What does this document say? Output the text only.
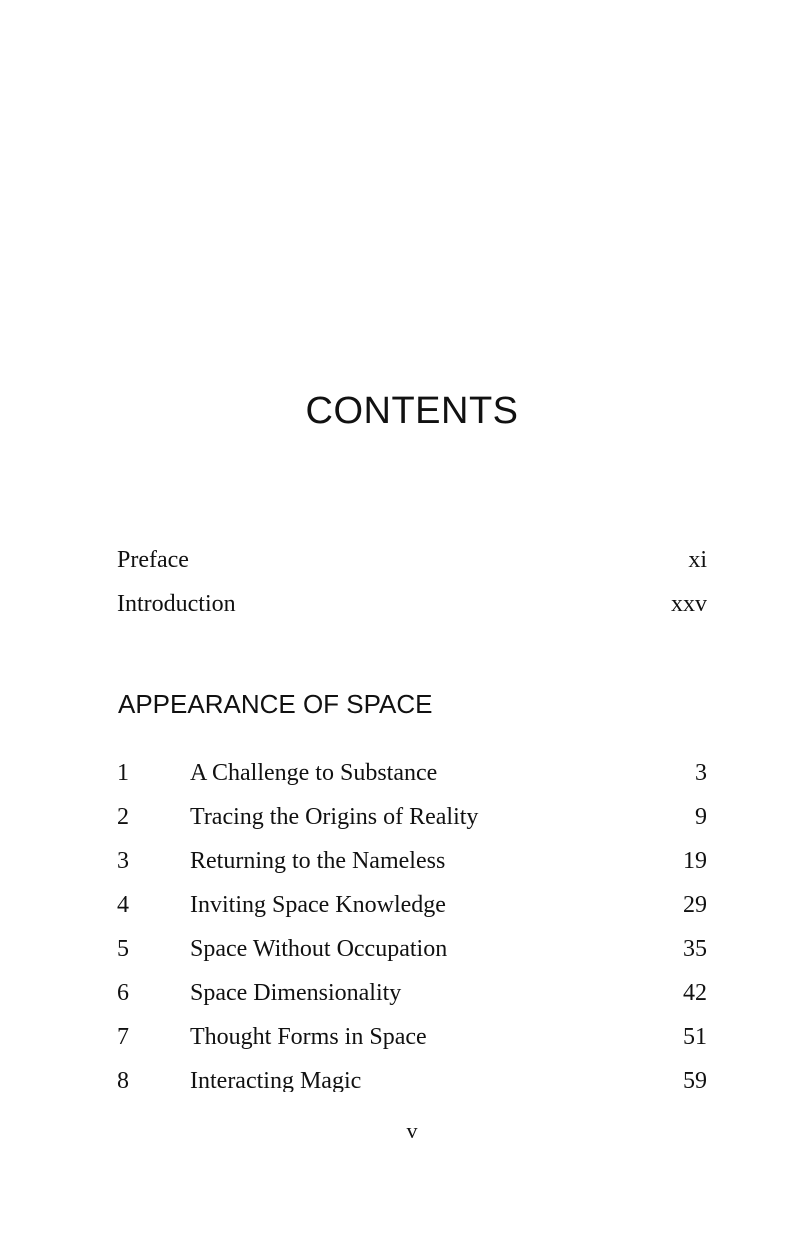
CONTENTS
Preface	xi
Introduction	xxv
APPEARANCE OF SPACE
1	A Challenge to Substance	3
2	Tracing the Origins of Reality	9
3	Returning to the Nameless	19
4	Inviting Space Knowledge	29
5	Space Without Occupation	35
6	Space Dimensionality	42
7	Thought Forms in Space	51
8	Interacting Magic	59
v
